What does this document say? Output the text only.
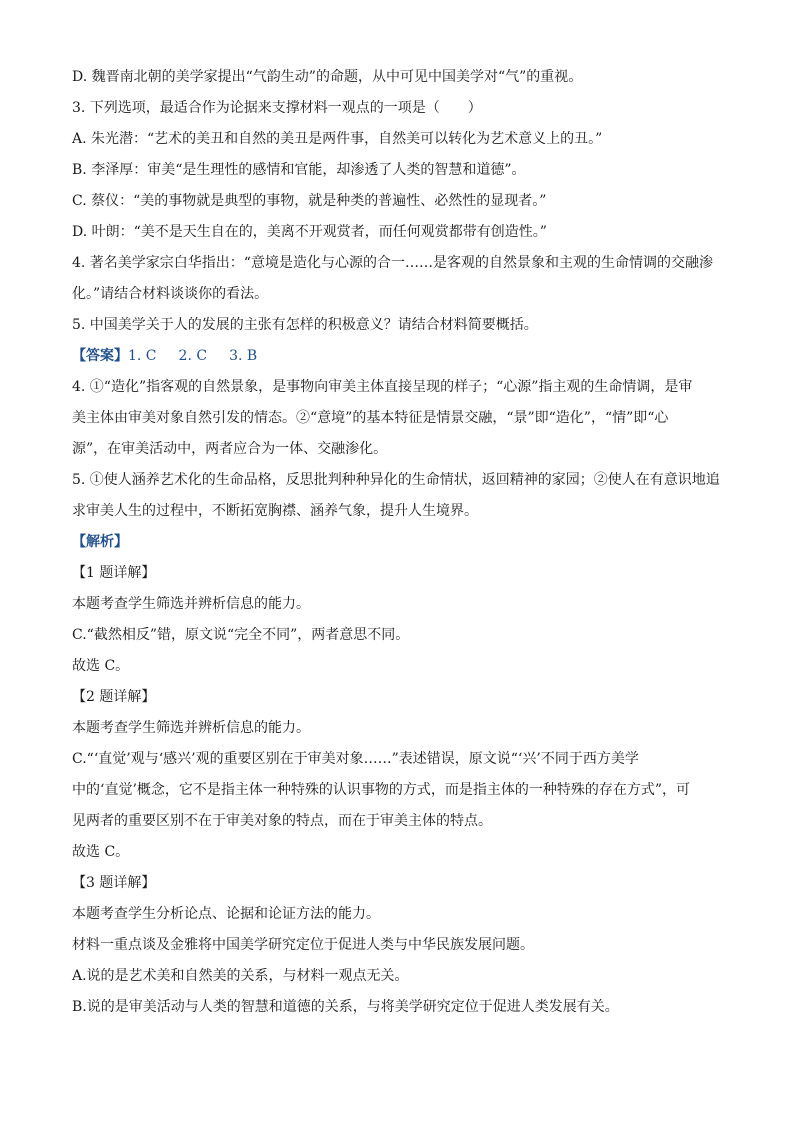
D. 魏晋南北朝的美学家提出“气韵生动”的命题，从中可见中国美学对“气”的重视。

3. 下列选项，最适合作为论据来支撑材料一观点的一项是（　　）

A. 朱光潜：“艺术的美丑和自然的美丑是两件事，自然美可以转化为艺术意义上的丑。”

B. 李泽厚：审美“是生理性的感情和官能，却渗透了人类的智慧和道德”。

C. 蔡仪：“美的事物就是典型的事物，就是种类的普遍性、必然性的显现者。”

D. 叶朗：“美不是天生自在的，美离不开观赏者，而任何观赏都带有创造性。”

4. 著名美学家宗白华指出：“意境是造化与心源的合一……是客观的自然景象和主观的生命情调的交融渗

化。”请结合材料谈谈你的看法。

5. 中国美学关于人的发展的主张有怎样的积极意义？请结合材料简要概括。

【答案】1. C 2. C 3. B

4. ①“造化”指客观的自然景象，是事物向审美主体直接呈现的样子；“心源”指主观的生命情调，是审

美主体由审美对象自然引发的情态。②“意境”的基本特征是情景交融，“景”即“造化”，“情”即“心

源”，在审美活动中，两者应合为一体、交融渗化。

5. ①使人涵养艺术化的生命品格，反思批判种种异化的生命情状，返回精神的家园；②使人在有意识地追

求审美人生的过程中，不断拓宽胸襟、涵养气象，提升人生境界。

【解析】

【1 题详解】

本题考查学生筛选并辨析信息的能力。

C.“截然相反”错，原文说“完全不同”，两者意思不同。

故选 C。

【2 题详解】

本题考查学生筛选并辨析信息的能力。

C.“‘直觉’观与‘感兴’观的重要区别在于审美对象……”表述错误，原文说“‘兴’不同于西方美学

中的‘直觉’概念，它不是指主体一种特殊的认识事物的方式，而是指主体的一种特殊的存在方式”，可

见两者的重要区别不在于审美对象的特点，而在于审美主体的特点。

故选 C。

【3 题详解】

本题考查学生分析论点、论据和论证方法的能力。

材料一重点谈及金雅将中国美学研究定位于促进人类与中华民族发展问题。

A.说的是艺术美和自然美的关系，与材料一观点无关。

B.说的是审美活动与人类的智慧和道德的关系，与将美学研究定位于促进人类发展有关。
